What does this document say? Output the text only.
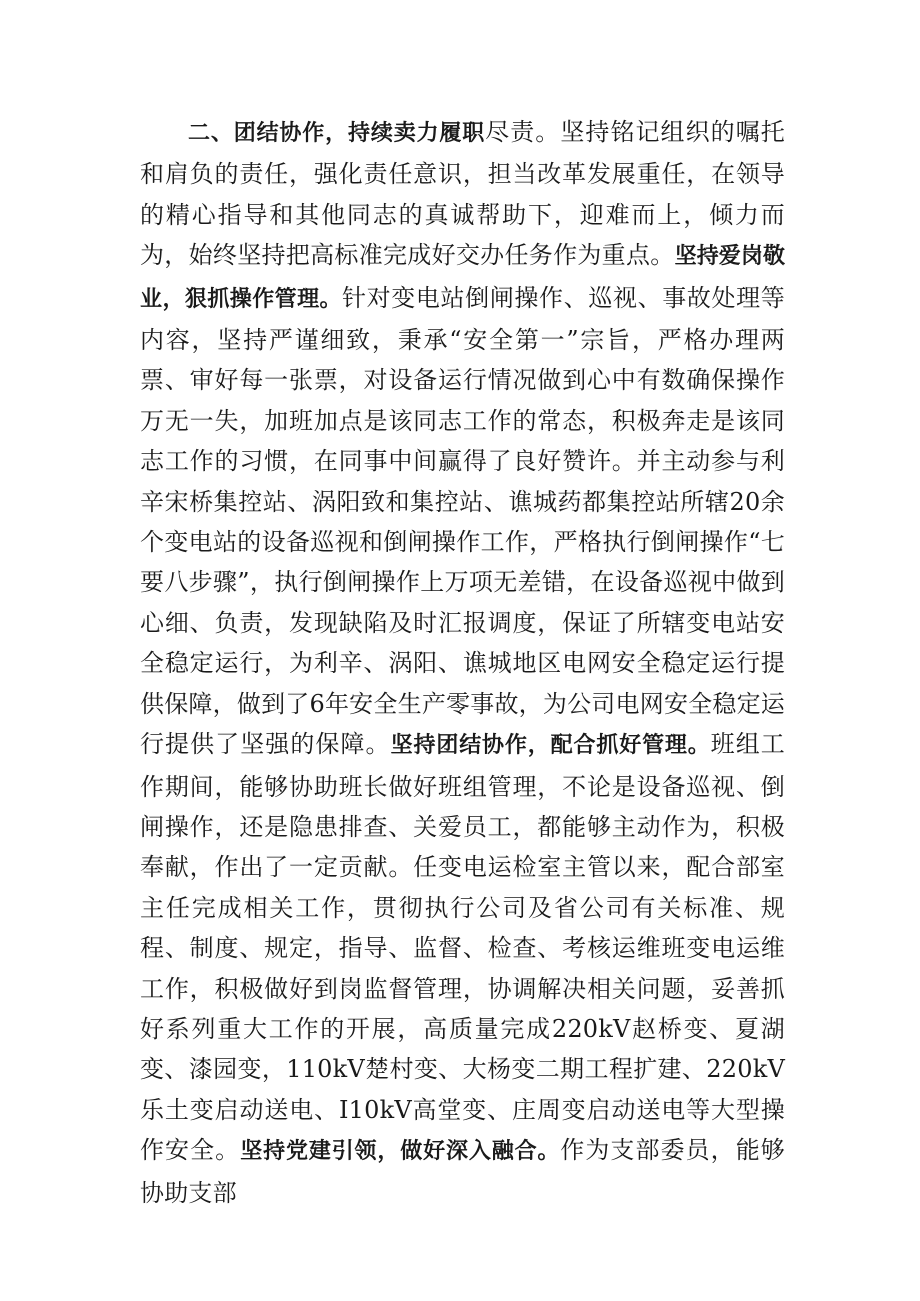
二、团结协作，持续卖力履职尽责。坚持铭记组织的嘱托和肩负的责任，强化责任意识，担当改革发展重任，在领导的精心指导和其他同志的真诚帮助下，迎难而上，倾力而为，始终坚持把高标准完成好交办任务作为重点。坚持爱岗敬业，狠抓操作管理。针对变电站倒闸操作、巡视、事故处理等内容，坚持严谨细致，秉承“安全第一”宗旨，严格办理两票、审好每一张票，对设备运行情况做到心中有数确保操作万无一失，加班加点是该同志工作的常态，积极奔走是该同志工作的习惯，在同事中间赢得了良好赞许。并主动参与利辛宋桥集控站、涡阳致和集控站、谯城药都集控站所辖20余个变电站的设备巡视和倒闸操作工作，严格执行倒闸操作“七要八步骤”，执行倒闸操作上万项无差错，在设备巡视中做到心细、负责，发现缺陷及时汇报调度，保证了所辖变电站安全稳定运行，为利辛、涡阳、谯城地区电网安全稳定运行提供保障，做到了6年安全生产零事故，为公司电网安全稳定运行提供了坚强的保障。坚持团结协作，配合抓好管理。班组工作期间，能够协助班长做好班组管理，不论是设备巡视、倒闸操作，还是隐患排查、关爱员工，都能够主动作为，积极奉献，作出了一定贡献。任变电运检室主管以来，配合部室主任完成相关工作，贯彻执行公司及省公司有关标准、规程、制度、规定，指导、监督、检查、考核运维班变电运维工作，积极做好到岗监督管理，协调解决相关问题，妥善抓好系列重大工作的开展，高质量完成220kV赵桥变、夏湖变、漆园变，110kV楚村变、大杨变二期工程扩建、220kV乐土变启动送电、I10kV高堂变、庄周变启动送电等大型操作安全。坚持党建引领，做好深入融合。作为支部委员，能够协助支部
